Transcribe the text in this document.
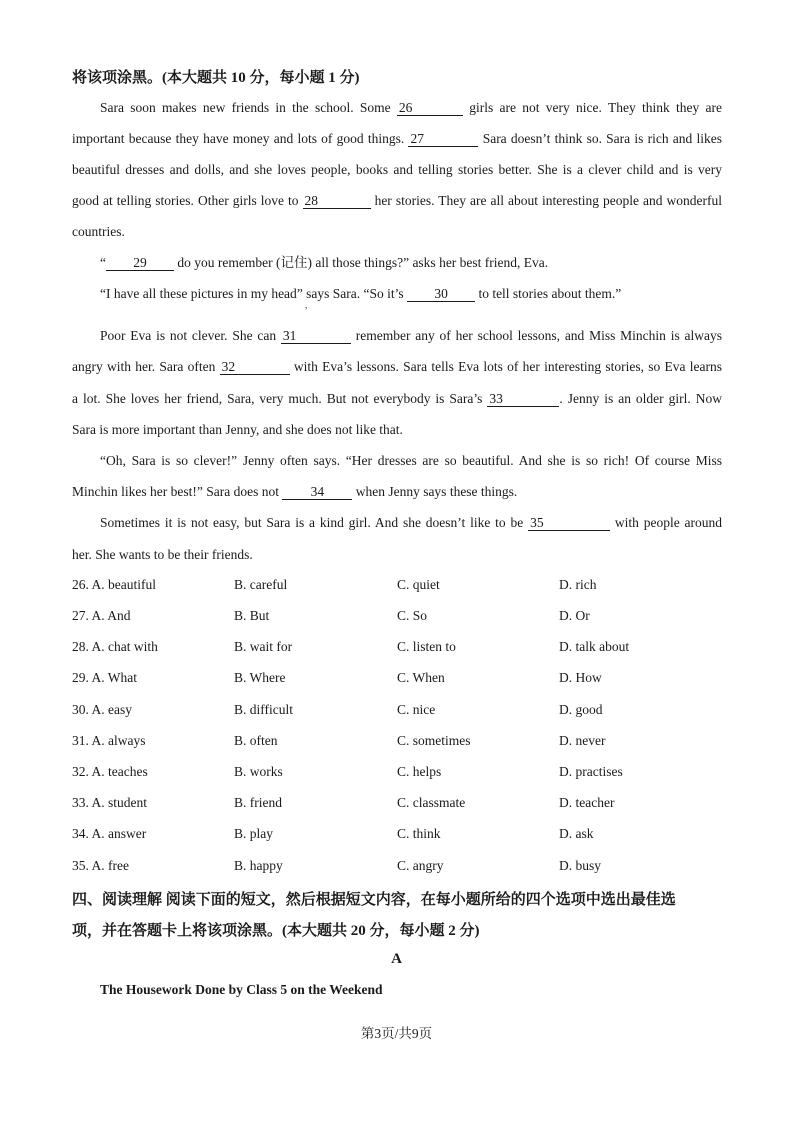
将该项涂黑。(本大题共 10 分，每小题 1 分)
Sara soon makes new friends in the school. Some 26	girls are not very nice. They think they are
important because they have money and lots of good things. 27	Sara doesn’t think so. Sara is rich and likes
beautiful dresses and dolls, and she loves people, books and telling stories better. She is a clever child and is very
good at telling stories. Other girls love to 28	her stories. They are all about interesting people and wonderful
countries.
“ 29 do you remember (记住) all those things?” asks her best friend, Eva.
“I have all these pictures in my head” says Sara. “So it’s 30 to tell stories about them.”
,
Poor Eva is not clever. She can 31	remember any of her school lessons, and Miss Minchin is always
angry with her. Sara often 32	with Eva’s lessons. Sara tells Eva lots of her interesting stories, so Eva learns
a lot. She loves her friend, Sara, very much. But not everybody is Sara’s 33	. Jenny is an older girl. Now
Sara is more important than Jenny, and she does not like that.
“Oh, Sara is so clever!” Jenny often says. “Her dresses are so beautiful. And she is so rich! Of course Miss
Minchin likes her best!” Sara does not 34 when Jenny says these things.
Sometimes it is not easy, but Sara is a kind girl. And she doesn’t like to be 35	with people around
her. She wants to be their friends.
26. A. beautiful	B. careful	C. quiet	D. rich
27. A. And	B. But	C. So	D. Or
28. A. chat with	B. wait for	C. listen to	D. talk about
29. A. What	B. Where	C. When	D. How
30. A. easy	B. difficult	C. nice	D. good
31. A. always	B. often	C. sometimes	D. never
32. A. teaches	B. works	C. helps	D. practises
33. A. student	B. friend	C. classmate	D. teacher
34. A. answer	B. play	C. think	D. ask
35. A. free	B. happy	C. angry	D. busy
四、阅读理解 阅读下面的短文，然后根据短文内容，在每小题所给的四个选项中选出最佳选
项，并在答题卡上将该项涂黑。(本大题共 20 分，每小题 2 分)
A
The Housework Done by Class 5 on the Weekend
第3页/共9页
